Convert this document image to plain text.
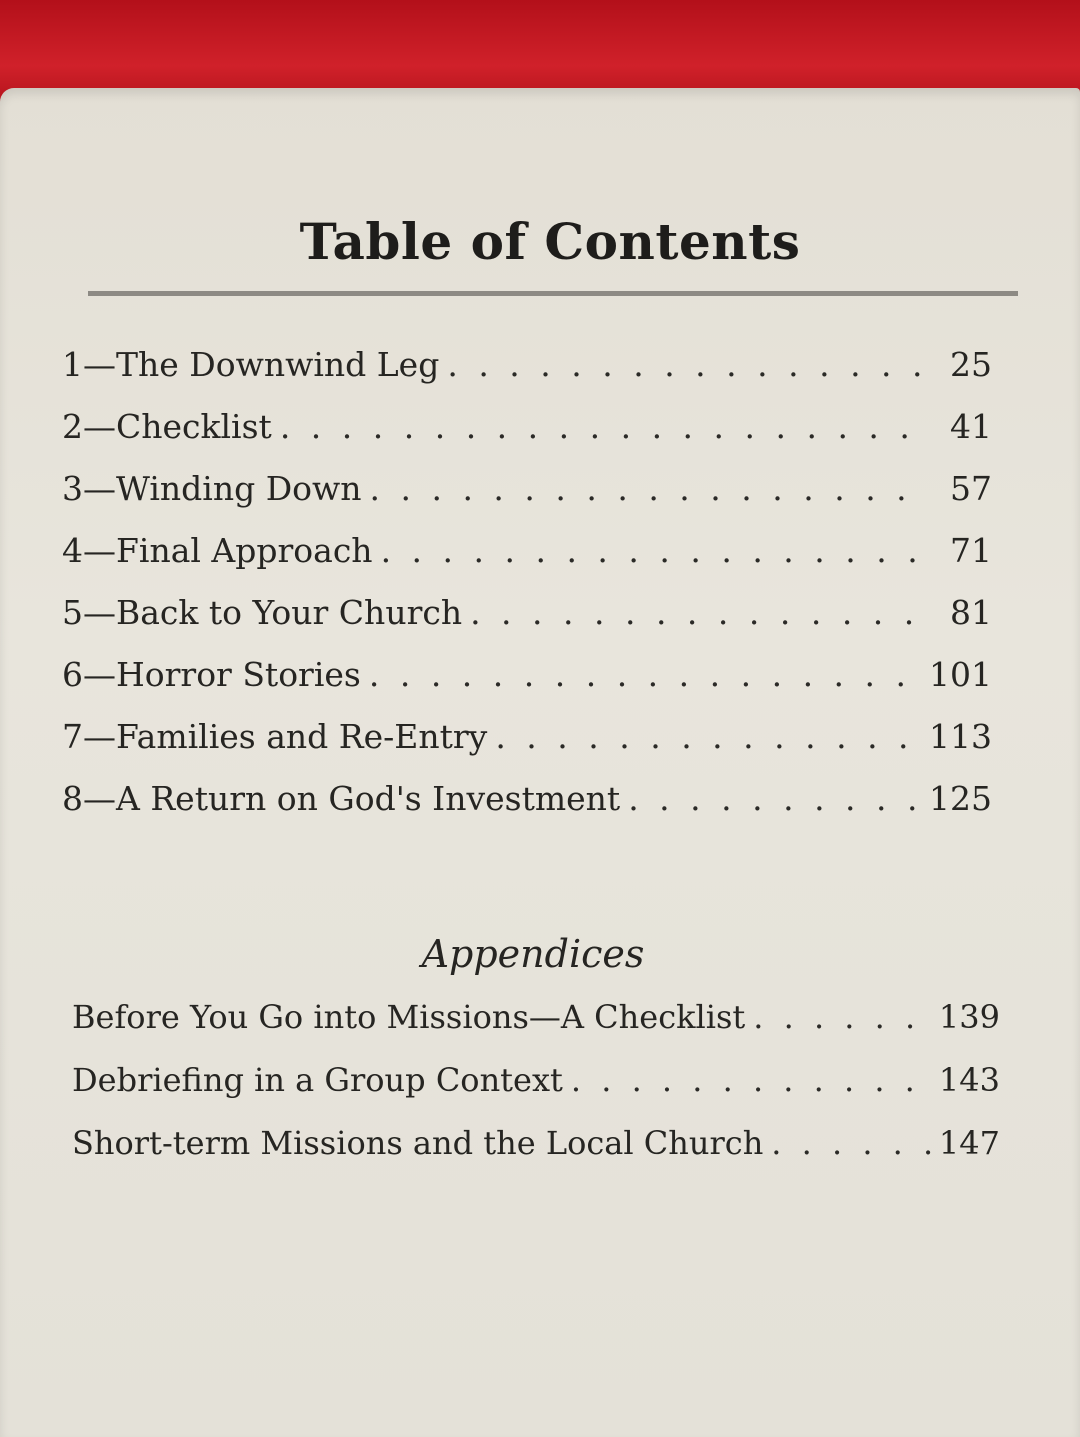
Table of Contents
1—The Downwind Leg . . .	25
2—Checklist . . .	41
3—Winding Down . . .	57
4—Final Approach . . .	71
5—Back to Your Church . . .	81
6—Horror Stories . . .	101
7—Families and Re-Entry . . .	113
8—A Return on God's Investment . . .	125
Appendices
Before You Go into Missions—A Checklist . . .	139
Debriefing in a Group Context . . .	143
Short-term Missions and the Local Church . . .	147
